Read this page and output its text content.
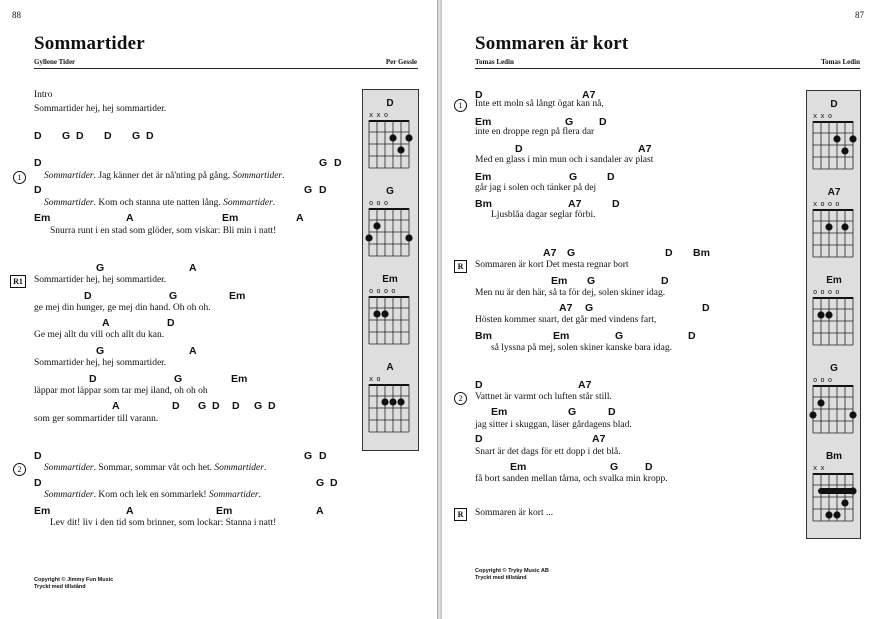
88
Sommartider
Gyllene Tider	Per Gessle
Intro
Sommartider hej, hej sommartider.
D G D D G D
D	G D
Sommartider. Jag känner det är nå'nting på gång. Sommartider.
1
D	G D
Sommartider. Kom och stanna ute natten lång. Sommartider.
Em	A	Em	A
Snurra runt i en stad som glöder, som viskar: Bli min i natt!
G	A
Sommartider hej, hej sommartider.
R1
D	G	Em
ge mej din hunger, ge mej din hand. Oh oh oh.
A	D
Ge mej allt du vill och allt du kan.
G	A
Sommartider hej, hej sommartider.
D	G	Em
läppar mot läppar som tar mej iland, oh oh oh
A	D G D D G D
som ger sommartider till varann.
D	G D
Sommartider. Sommar, sommar våt och het. Sommartider.
2
D	G D
Sommartider. Kom och lek en sommarlek! Sommartider.
Em	A	Em	A
Lev dit! liv i den tid som brinner, som lockar: Stanna i natt!
D
x x o
G
o o o
Em
o o o o
A
x o
Copyright © Jimmy Fun Music
Tryckt med tillstånd
87
Sommaren är kort
Tomas Ledin	Tomas Ledin
D	A7
Inte ett moln så långt ögat kan nå,
1
Em	G D
inte en droppe regn på flera dar
D	A7
Med en glass i min mun och i sandaler av plast
Em	G	D
går jag i solen och tänker på dej
Bm	A7	D
Ljusblåa dagar seglar förbi.
A7 G	D Bm
Sommaren är kort Det mesta regnar bort
R
Em G	D
Men nu är den här, så ta för dej, solen skiner idag.
A7 G	D
Hösten kommer snart, det går med vindens fart,
Bm	Em	G	D
så lyssna på mej, solen skiner kanske bara idag.
D	A7
Vattnet är varmt och luften står still.
2
Em	G	D
jag sitter i skuggan, läser gårdagens blad.
D	A7
Snart är det dags för ett dopp i det blå.
Em	G	D
få bort sanden mellan tårna, och svalka min kropp.
Sommaren är kort ...
R
D
x x o
A7
x o o o
Em
o o o o
G
o o o
Bm
x x
Copyright © Tryky Music AB
Tryckt med tillstånd
